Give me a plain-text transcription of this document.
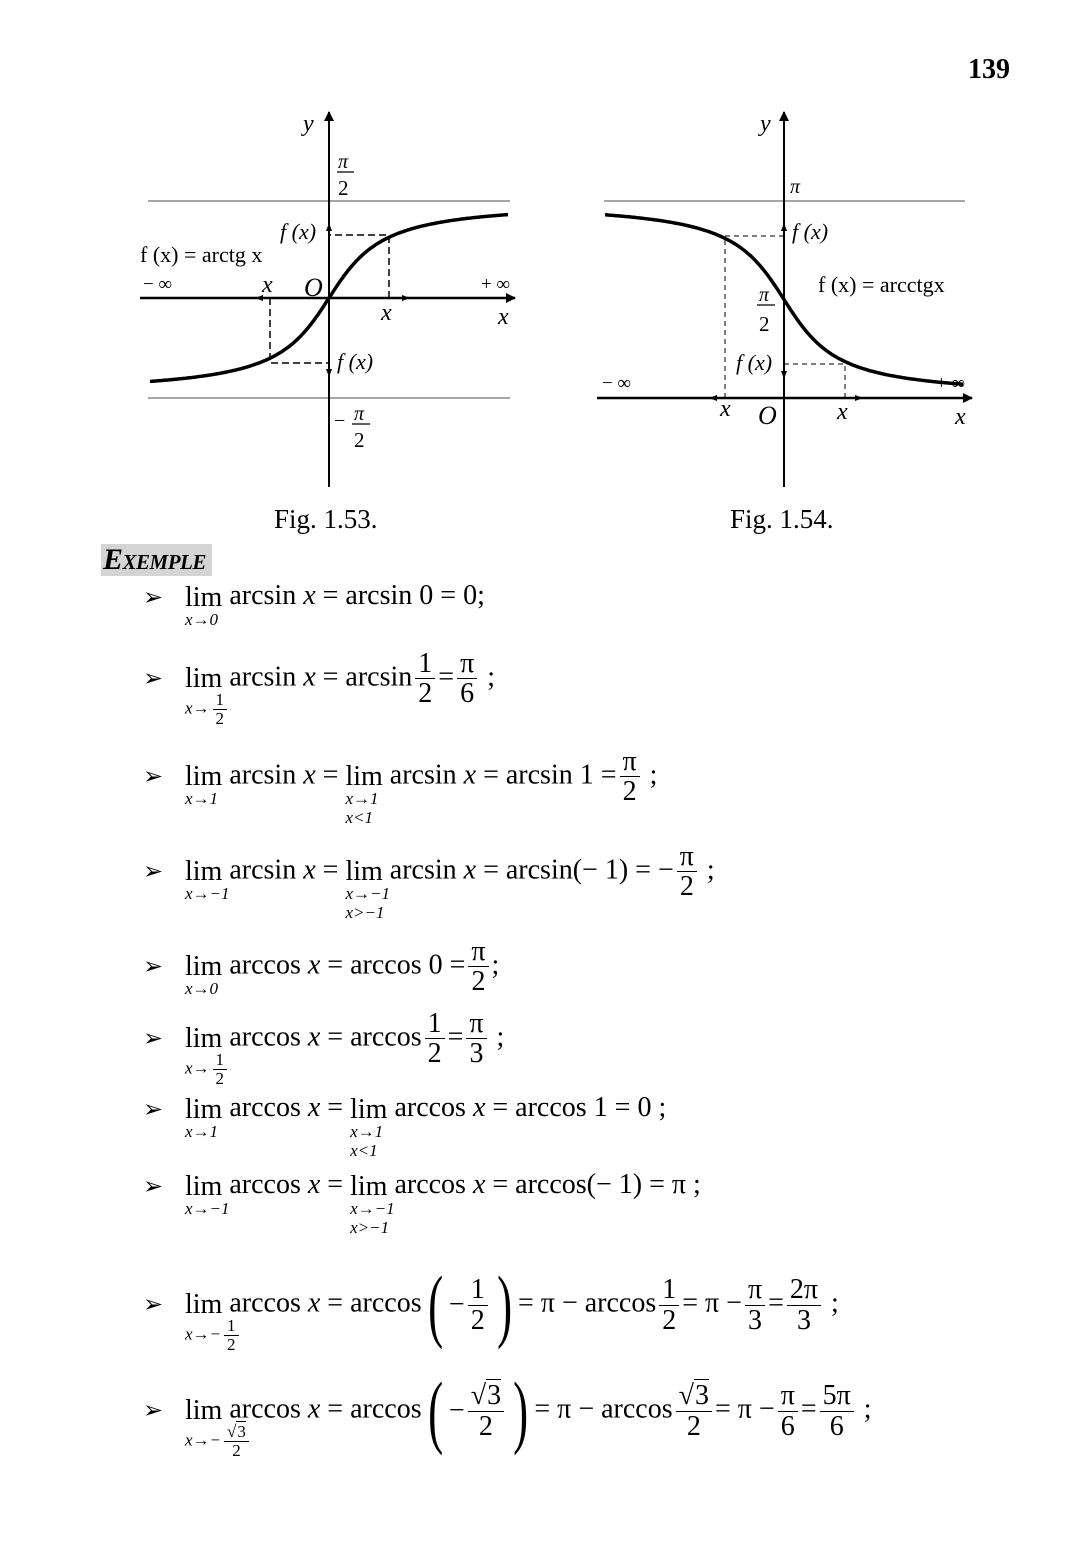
139
y
π
2
f (x)
f (x) = arctg x
− ∞	x O	+ ∞
x	x
f (x)
− π
2
y
π
f (x)
f (x) = arcctgx
π
2
f (x)
− ∞	+ ∞
x O	x	x
Fig. 1.53.	Fig. 1.54.
Exemple
➢ lim
x→0
arcsin x = arcsin 0 = 0;
➢ lim
$x\to \frac{1}{2}$
$\arcsin x = \arcsin \frac{1}{2} = \frac{\pi}{6}$ ;
➢ lim
x→1
arcsin x = lim
x→1
x<1
$\arcsin x = \arcsin 1 = \frac{\pi}{2}$ ;
➢ lim
x→−1
arcsin x = lim
x→−1
x>−1
arcsin x = arcsin(− 1) = − $\frac{\pi}{2}$ ;
➢ lim
x→0
$\arccos x = \arccos 0 = \frac{\pi}{2}$ ;
➢ lim
$x\to \frac{1}{2}$
$\arccos x = \arccos \frac{1}{2} = \frac{\pi}{3}$ ;
➢ lim
x→1
arccos x = lim
x→1
x<1
arccos x = arccos 1 = 0 ;
➢ lim
x→−1
arccos x = lim
x→−1
x>−1
arccos x = arccos(− 1) = π ;
➢ lim
$x\to- \frac{1}{2}$
arccos x = arccos ( − $\frac{1}{2}$ ) = $\pi - \arccos \frac{1}{2} = \pi - \frac{\pi}{3} = \frac{2\pi}{3}$ ;
➢ lim
$x\to- \frac{√3}{2}$
arccos x = arccos ( − $\frac{√3}{2}$ ) = $\pi - \arccos \frac{√3}{2} = \pi - \frac{\pi}{6} = \frac{5\pi}{6}$ ;
